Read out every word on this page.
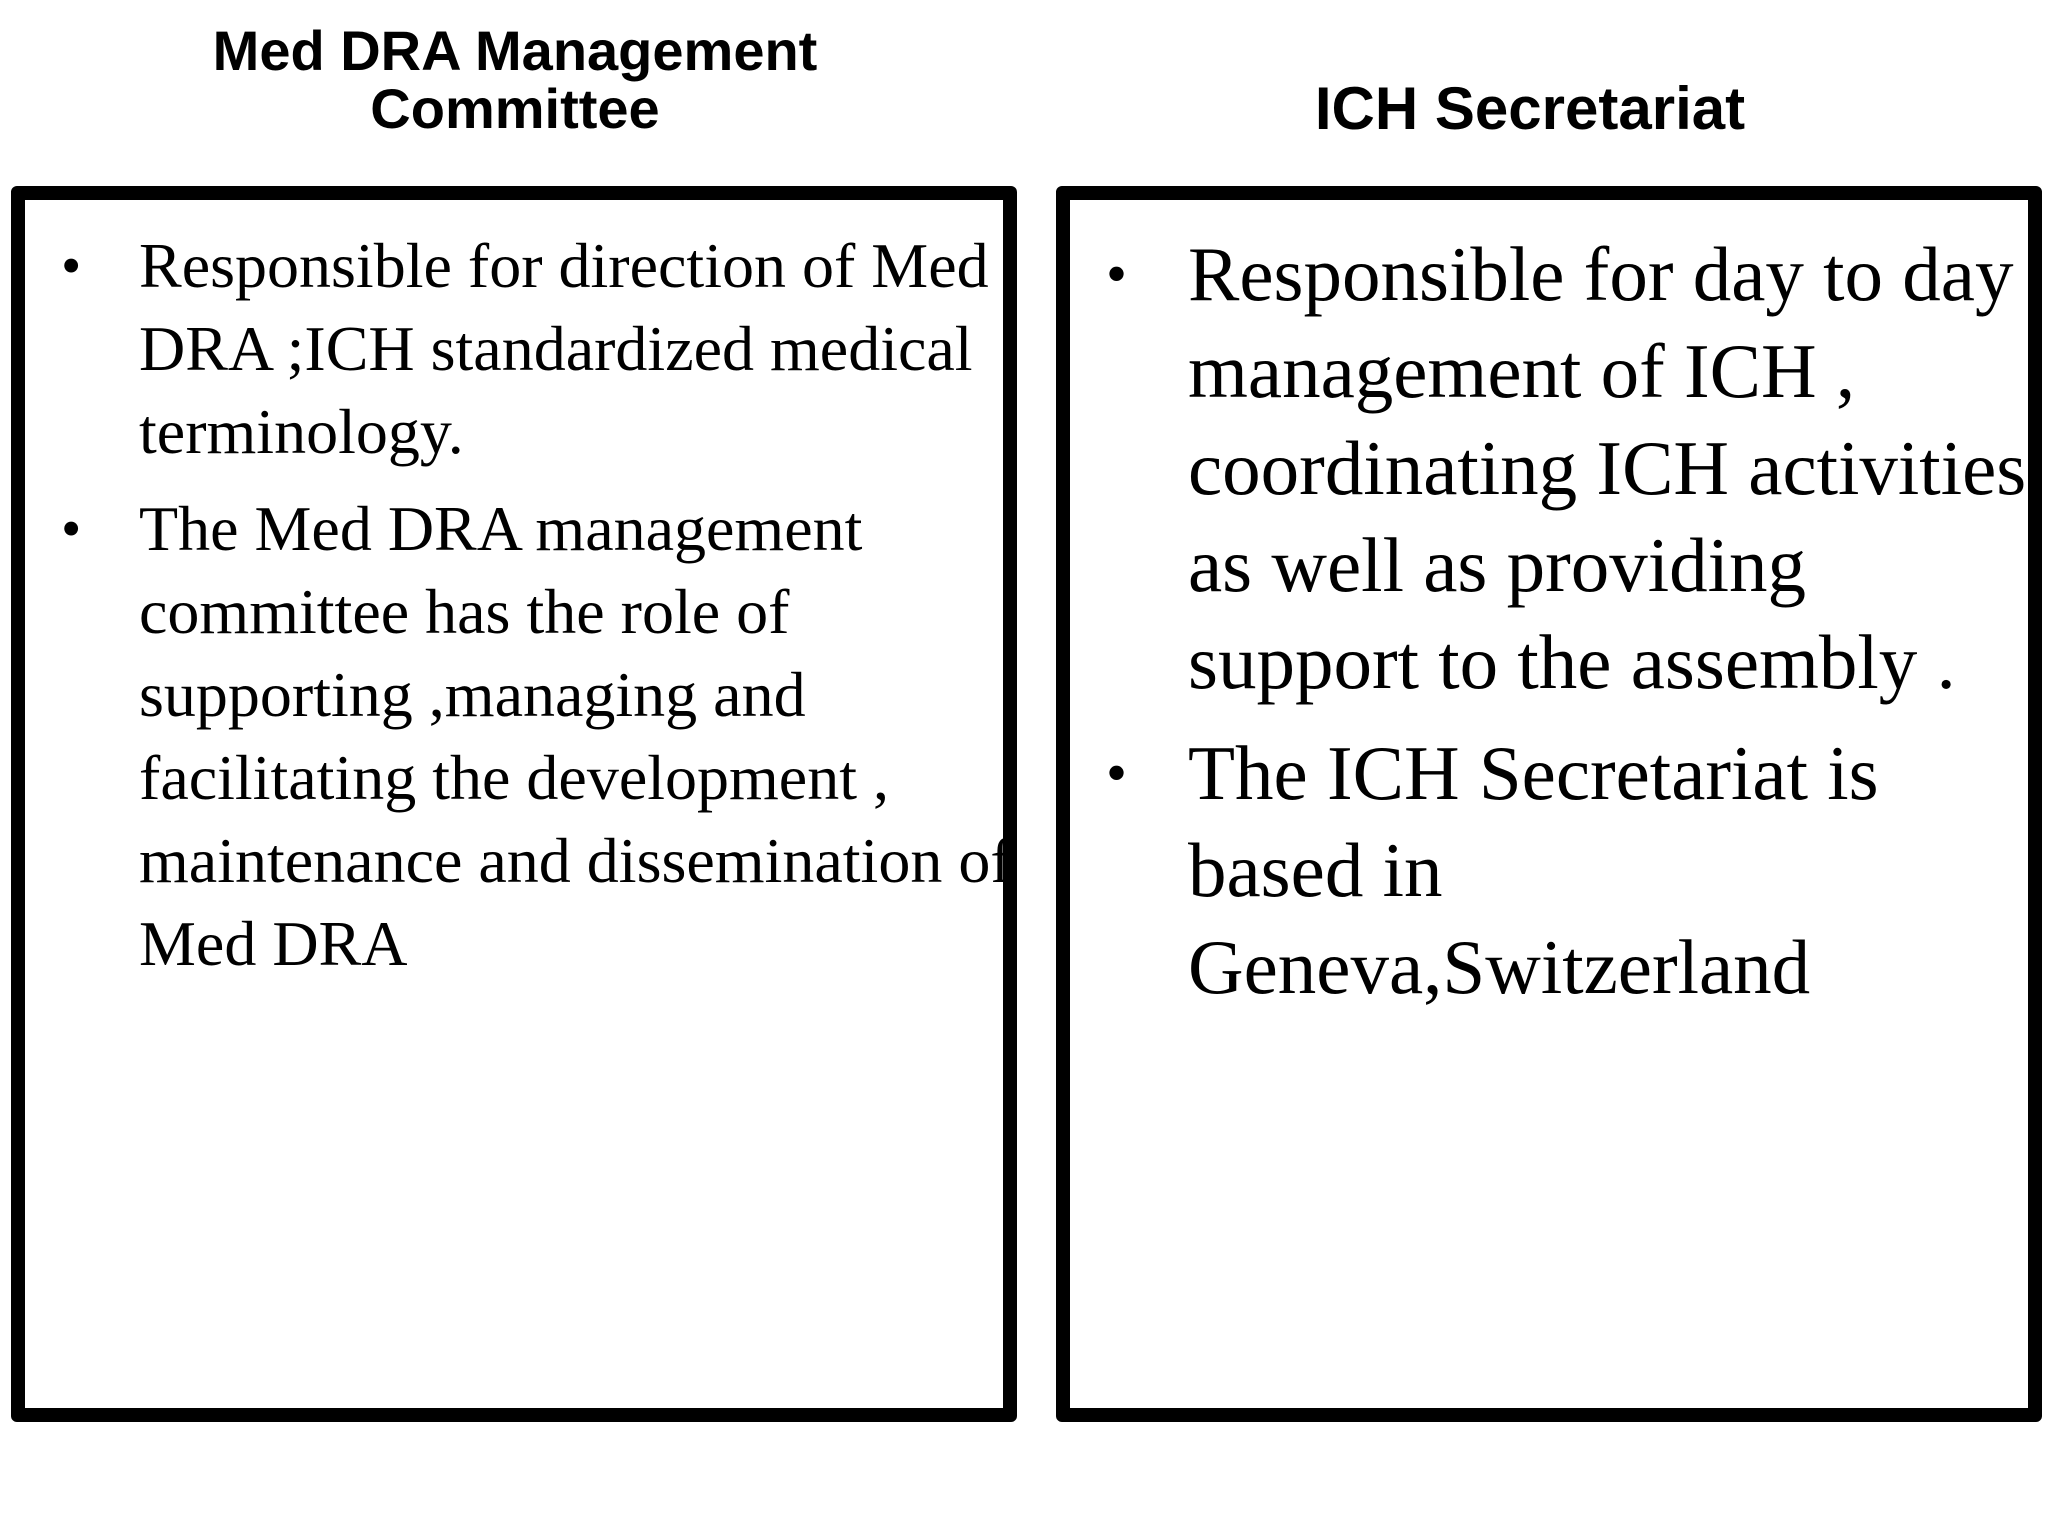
Med DRA Management Committee	ICH Secretariat
• Responsible for direction of Med DRA ;ICH standardized medical terminology.
• The Med DRA management committee has the role of supporting ,managing and facilitating the development , maintenance and dissemination of Med DRA
• Responsible for day to day management of ICH , coordinating ICH activities as well as providing support to the assembly .
• The ICH Secretariat is based in Geneva,Switzerland
